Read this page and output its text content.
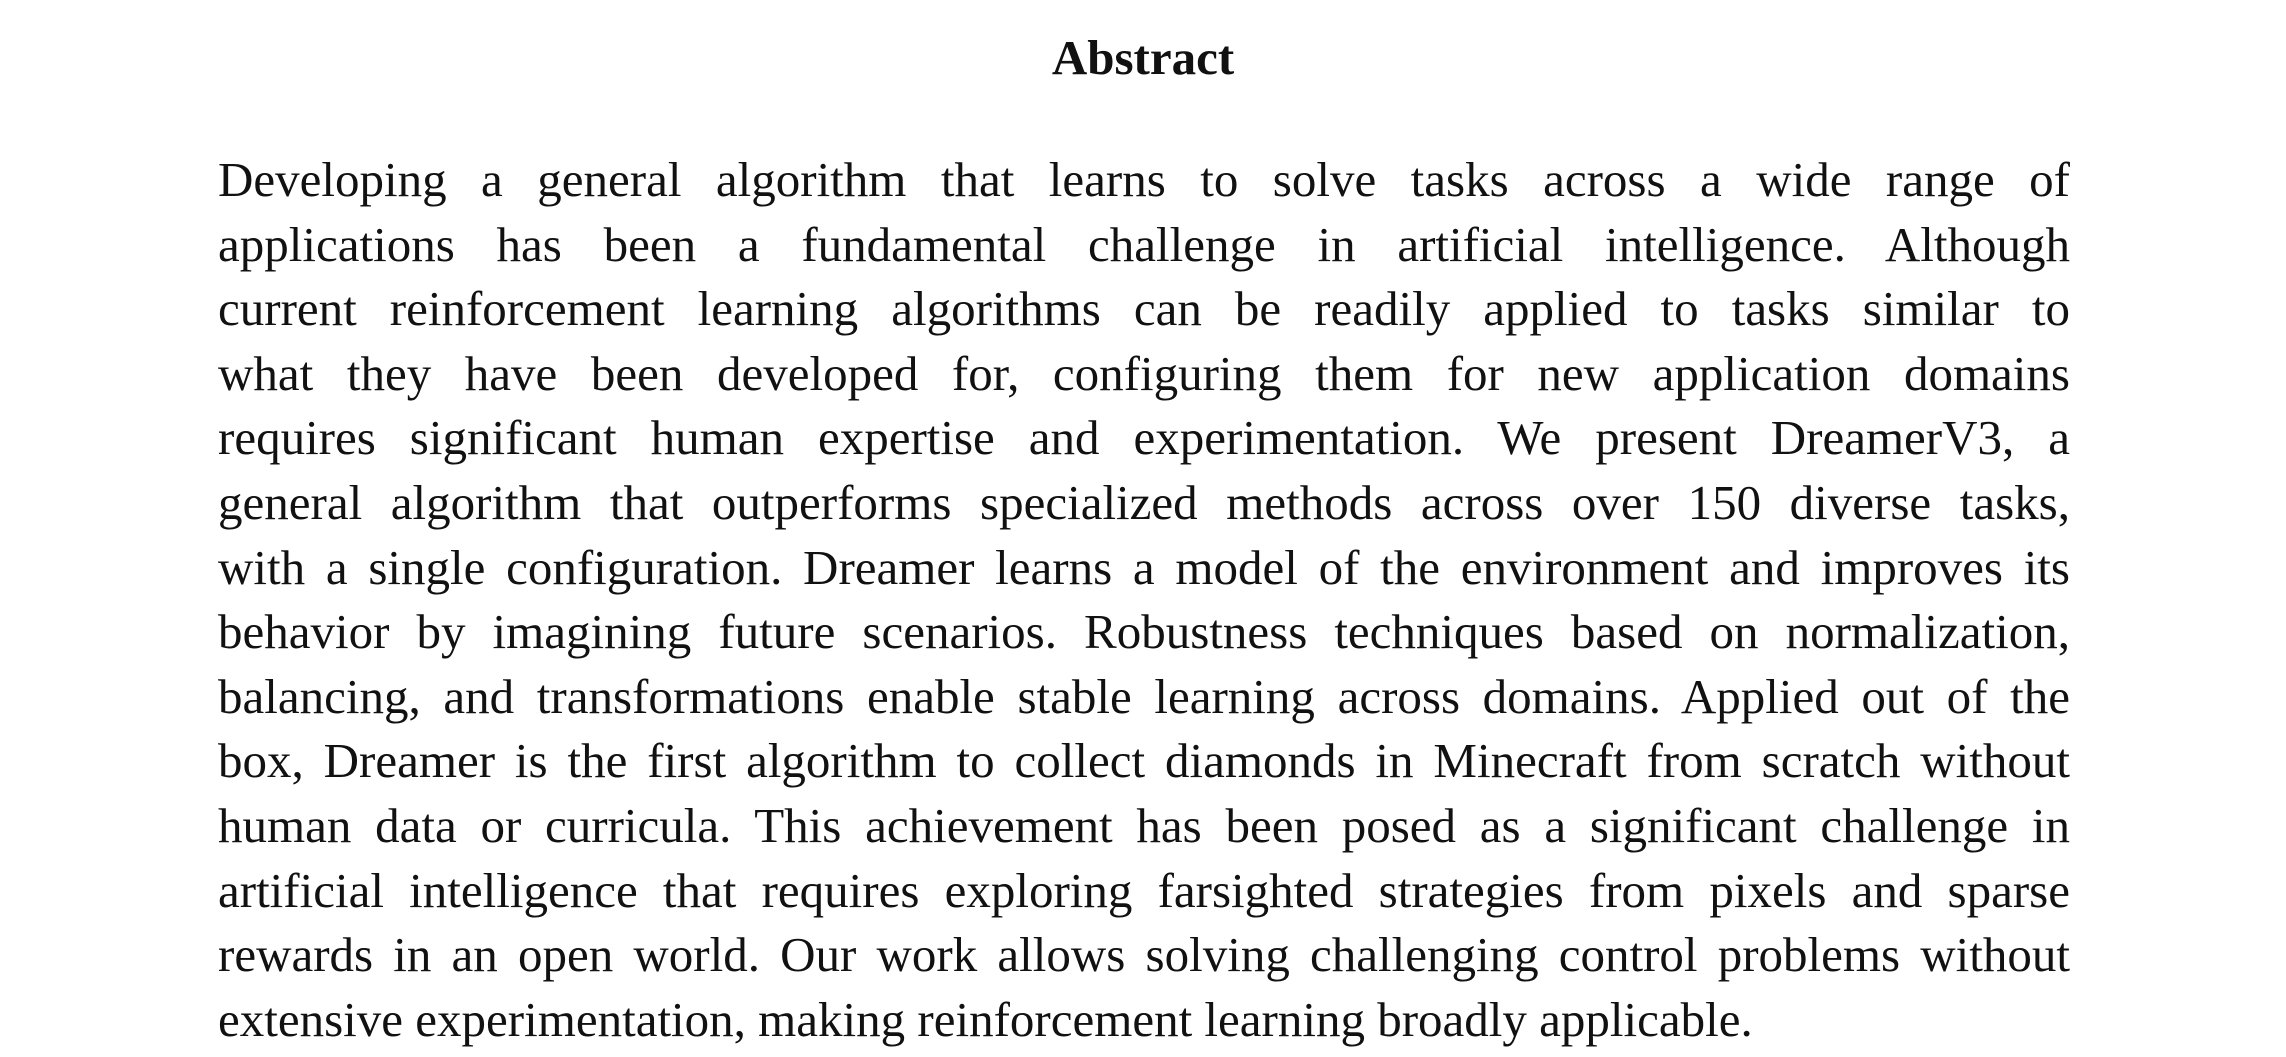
Abstract
Developing a general algorithm that learns to solve tasks across a wide range of
applications has been a fundamental challenge in artificial intelligence. Although
current reinforcement learning algorithms can be readily applied to tasks similar to
what they have been developed for, configuring them for new application domains
requires significant human expertise and experimentation. We present DreamerV3, a
general algorithm that outperforms specialized methods across over 150 diverse tasks,
with a single configuration. Dreamer learns a model of the environment and improves its
behavior by imagining future scenarios. Robustness techniques based on normalization,
balancing, and transformations enable stable learning across domains. Applied out of the
box, Dreamer is the first algorithm to collect diamonds in Minecraft from scratch without
human data or curricula. This achievement has been posed as a significant challenge in
artificial intelligence that requires exploring farsighted strategies from pixels and sparse
rewards in an open world. Our work allows solving challenging control problems without
extensive experimentation, making reinforcement learning broadly applicable.
